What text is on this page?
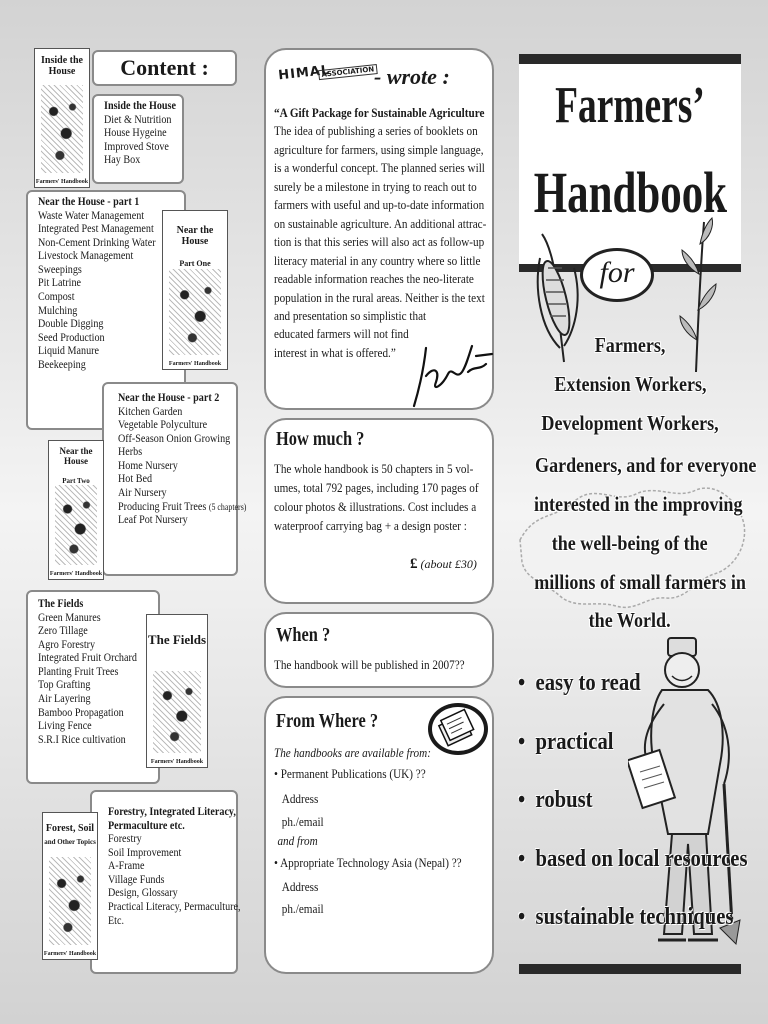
Content :
Inside the House
Farmers' Handbook
Inside the House
Diet & Nutrition
House Hygeine
Improved Stove
Hay Box
Near the House - part 1
Waste Water Management
Integrated Pest Management
Non-Cement Drinking Water
Livestock Management
Sweepings
Pit Latrine
Compost
Mulching
Double Digging
Seed Production
Liquid Manure
Beekeeping
Near the House
Part One
Farmers' Handbook
Near the House - part 2
Kitchen Garden
Vegetable Polyculture
Off-Season Onion Growing
Herbs
Home Nursery
Hot Bed
Air Nursery
Producing Fruit Trees (5 chapters)
Leaf Pot Nursery
Near the House
Part Two
Farmers' Handbook
The Fields
Green Manures
Zero Tillage
Agro Forestry
Integrated Fruit Orchard
Planting Fruit Trees
Top Grafting
Air Layering
Bamboo Propagation
Living Fence
S.R.I Rice cultivation
The Fields
Farmers' Handbook
Forestry, Integrated Literacy,
Permaculture etc.
Forestry
Soil Improvement
A-Frame
Village Funds
Design, Glossary
Practical Literacy, Permaculture,
Etc.
Forest, Soil
and Other Topics
Farmers' Handbook
HIMAL
ASSOCIATION - wrote :
“A Gift Package for Sustainable Agriculture
The idea of publishing a series of booklets on
agriculture for farmers, using simple language,
is a wonderful concept. The planned series will
surely be a milestone in trying to reach out to
farmers with useful and up-to-date information
on sustainable agriculture. An additional attrac-
tion is that this series will also act as follow-up
literacy material in any country where so little
readable information reaches the neo-literate
population in the rural areas. Neither is the text
and presentation so simplistic that
educated farmers will not find
interest in what is offered.”
How much ?
The whole handbook is 50 chapters in 5 vol-
umes, total 792 pages, including 170 pages of
colour photos & illustrations. Cost includes a
waterproof carrying bag + a design poster :
£ (about £30)
When ?
The handbook will be published in 2007??
From Where ?
The handbooks are available from:
• Permanent Publications (UK) ??
Address
ph./email
and from
• Appropriate Technology Asia (Nepal) ??
Address
ph./email
Farmers’
Handbook
for
Farmers,
Extension Workers,
Development Workers,
Gardeners, and for everyone
interested in the improving
the well-being of the
millions of small farmers in
the World.
•  easy to read
•  practical
•  robust
•  based on local resources
•  sustainable techniques
